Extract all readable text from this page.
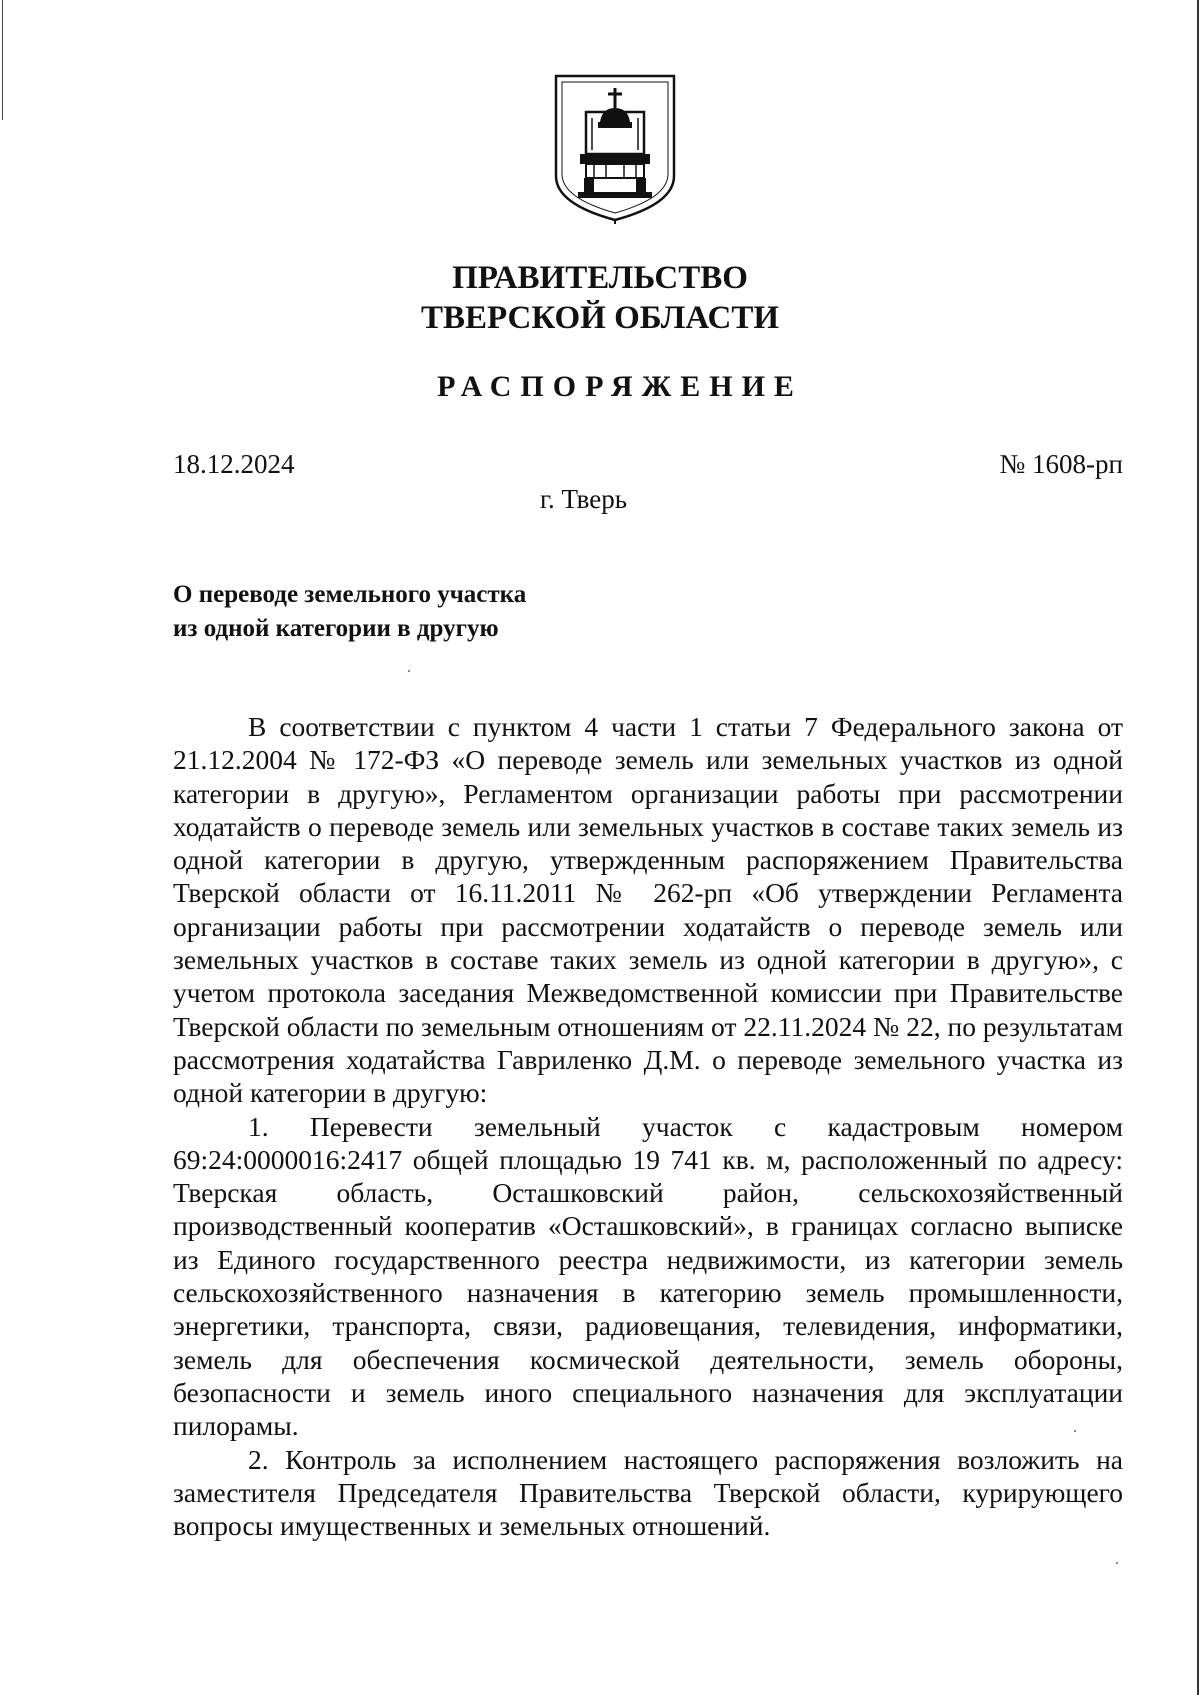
ПРАВИТЕЛЬСТВО
ТВЕРСКОЙ ОБЛАСТИ
РАСПОРЯЖЕНИЕ
18.12.2024	№ 1608-рп
г. Тверь
О переводе земельного участка
из одной категории в другую

В соответствии с пунктом 4 части 1 статьи 7 Федерального закона от 21.12.2004 № 172-ФЗ «О переводе земель или земельных участков из одной категории в другую», Регламентом организации работы при рассмотрении ходатайств о переводе земель или земельных участков в составе таких земель из одной категории в другую, утвержденным распоряжением Правительства Тверской области от 16.11.2011 № 262-рп «Об утверждении Регламента организации работы при рассмотрении ходатайств о переводе земель или земельных участков в составе таких земель из одной категории в другую», с учетом протокола заседания Межведомственной комиссии при Правительстве Тверской области по земельным отношениям от 22.11.2024 № 22, по результатам рассмотрения ходатайства Гавриленко Д.М. о переводе земельного участка из одной категории в другую:

1. Перевести земельный участок с кадастровым номером 69:24:0000016:2417 общей площадью 19 741 кв. м, расположенный по адресу: Тверская область, Осташковский район, сельскохозяйственный производственный кооператив «Осташковский», в границах согласно выписке из Единого государственного реестра недвижимости, из категории земель сельскохозяйственного назначения в категорию земель промышленности, энергетики, транспорта, связи, радиовещания, телевидения, информатики, земель для обеспечения космической деятельности, земель обороны, безопасности и земель иного специального назначения для эксплуатации пилорамы.

2. Контроль за исполнением настоящего распоряжения возложить на заместителя Председателя Правительства Тверской области, курирующего вопросы имущественных и земельных отношений.
